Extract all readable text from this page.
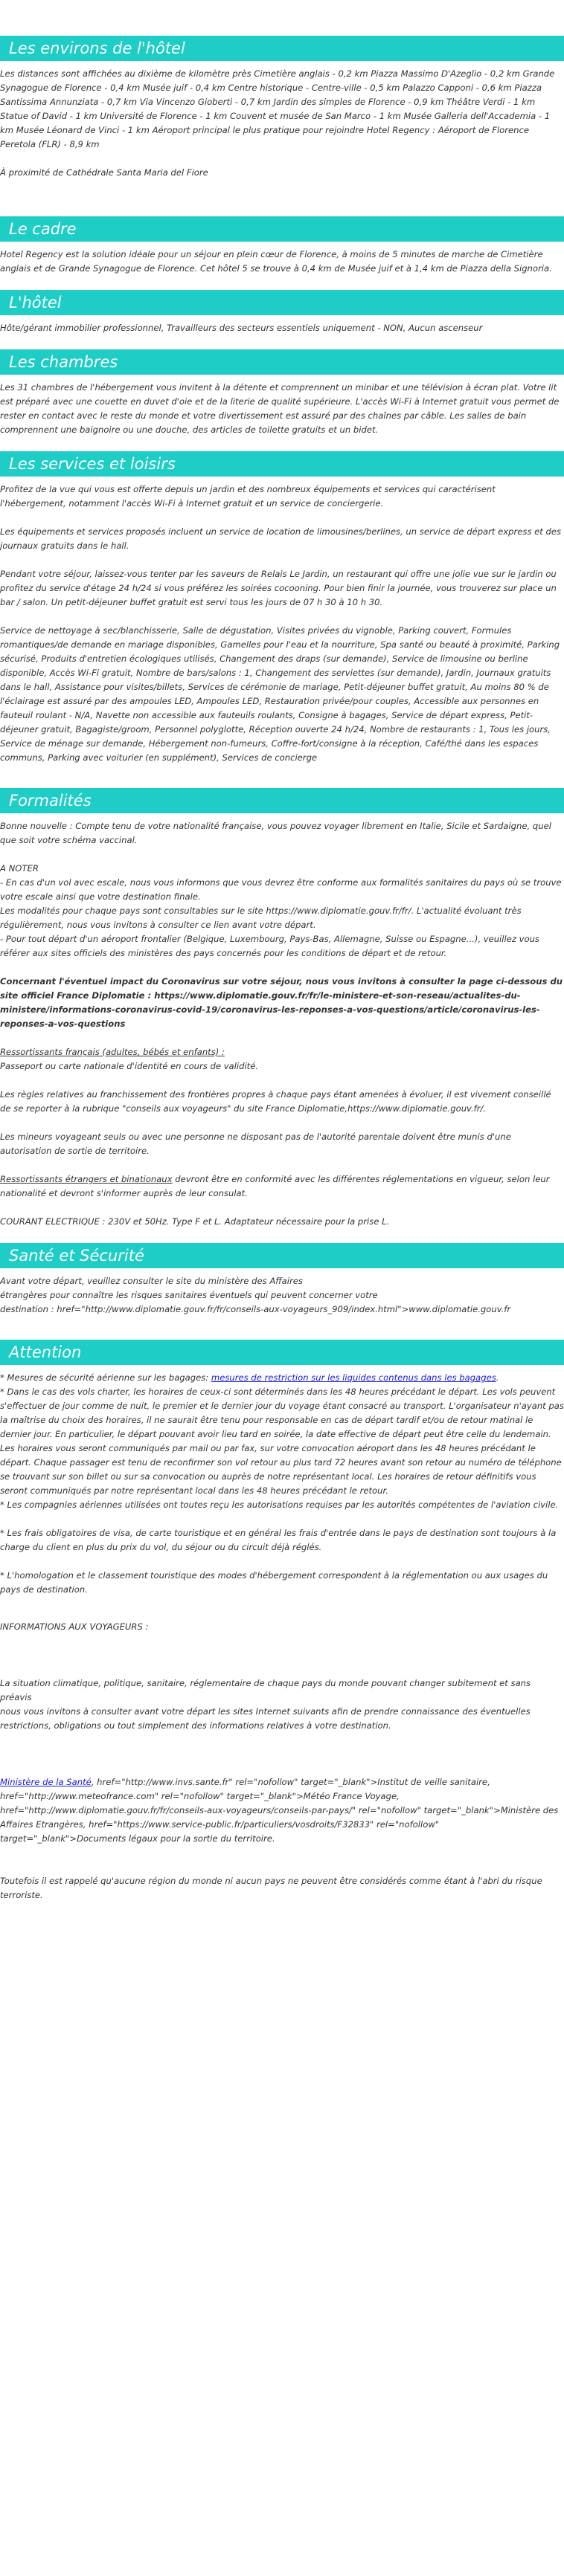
Les environs de l'hôtel

Les distances sont affichées au dixième de kilomètre près Cimetière anglais - 0,2 km Piazza Massimo D'Azeglio - 0,2 km Grande Synagogue de Florence - 0,4 km Musée juif - 0,4 km Centre historique - Centre-ville - 0,5 km Palazzo Capponi - 0,6 km Piazza Santissima Annunziata - 0,7 km Via Vincenzo Gioberti - 0,7 km Jardin des simples de Florence - 0,9 km Théâtre Verdi - 1 km Statue of David - 1 km Université de Florence - 1 km Couvent et musée de San Marco - 1 km Musée Galleria dell'Accademia - 1 km Musée Léonard de Vinci - 1 km Aéroport principal le plus pratique pour rejoindre Hotel Regency : Aéroport de Florence Peretola (FLR) - 8,9 km

À proximité de Cathédrale Santa Maria del Fiore

Le cadre

Hotel Regency est la solution idéale pour un séjour en plein cœur de Florence, à moins de 5 minutes de marche de Cimetière anglais et de Grande Synagogue de Florence. Cet hôtel 5 se trouve à 0,4 km de Musée juif et à 1,4 km de Piazza della Signoria.

L'hôtel

Hôte/gérant immobilier professionnel, Travailleurs des secteurs essentiels uniquement - NON, Aucun ascenseur

Les chambres

Les 31 chambres de l'hébergement vous invitent à la détente et comprennent un minibar et une télévision à écran plat. Votre lit est préparé avec une couette en duvet d'oie et de la literie de qualité supérieure. L'accès Wi-Fi à Internet gratuit vous permet de rester en contact avec le reste du monde et votre divertissement est assuré par des chaînes par câble. Les salles de bain comprennent une baignoire ou une douche, des articles de toilette gratuits et un bidet.

Les services et loisirs

Profitez de la vue qui vous est offerte depuis un jardin et des nombreux équipements et services qui caractérisent l'hébergement, notamment l'accès Wi-Fi à Internet gratuit et un service de conciergerie.

Les équipements et services proposés incluent un service de location de limousines/berlines, un service de départ express et des journaux gratuits dans le hall.

Pendant votre séjour, laissez-vous tenter par les saveurs de Relais Le Jardin, un restaurant qui offre une jolie vue sur le jardin ou profitez du service d'étage 24 h/24 si vous préférez les soirées cocooning. Pour bien finir la journée, vous trouverez sur place un bar / salon. Un petit-déjeuner buffet gratuit est servi tous les jours de 07 h 30 à 10 h 30.

Service de nettoyage à sec/blanchisserie, Salle de dégustation, Visites privées du vignoble, Parking couvert, Formules romantiques/de demande en mariage disponibles, Gamelles pour l'eau et la nourriture, Spa santé ou beauté à proximité, Parking sécurisé, Produits d'entretien écologiques utilisés, Changement des draps (sur demande), Service de limousine ou berline disponible, Accès Wi-Fi gratuit, Nombre de bars/salons : 1, Changement des serviettes (sur demande), Jardin, Journaux gratuits dans le hall, Assistance pour visites/billets, Services de cérémonie de mariage, Petit-déjeuner buffet gratuit, Au moins 80 % de l'éclairage est assuré par des ampoules LED, Ampoules LED, Restauration privée/pour couples, Accessible aux personnes en fauteuil roulant - N/A, Navette non accessible aux fauteuils roulants, Consigne à bagages, Service de départ express, Petit-déjeuner gratuit, Bagagiste/groom, Personnel polyglotte, Réception ouverte 24 h/24, Nombre de restaurants : 1, Tous les jours, Service de ménage sur demande, Hébergement non-fumeurs, Coffre-fort/consigne à la réception, Café/thé dans les espaces communs, Parking avec voiturier (en supplément), Services de concierge

Formalités

Bonne nouvelle : Compte tenu de votre nationalité française, vous pouvez voyager librement en Italie, Sicile et Sardaigne, quel que soit votre schéma vaccinal.

A NOTER

- En cas d'un vol avec escale, nous vous informons que vous devrez être conforme aux formalités sanitaires du pays où se trouve votre escale ainsi que votre destination finale.

Les modalités pour chaque pays sont consultables sur le site https://www.diplomatie.gouv.fr/fr/. L'actualité évoluant très régulièrement, nous vous invitons à consulter ce lien avant votre départ.

- Pour tout départ d'un aéroport frontalier (Belgique, Luxembourg, Pays-Bas, Allemagne, Suisse ou Espagne...), veuillez vous référer aux sites officiels des ministères des pays concernés pour les conditions de départ et de retour.

Concernant l'éventuel impact du Coronavirus sur votre séjour, nous vous invitons à consulter la page ci-dessous du site officiel France Diplomatie : https://www.diplomatie.gouv.fr/fr/le-ministere-et-son-reseau/actualites-du-ministere/informations-coronavirus-covid-19/coronavirus-les-reponses-a-vos-questions/article/coronavirus-les-reponses-a-vos-questions

Ressortissants français (adultes, bébés et enfants) :

Passeport ou carte nationale d'identité en cours de validité.

Les règles relatives au franchissement des frontières propres à chaque pays étant amenées à évoluer, il est vivement conseillé de se reporter à la rubrique "conseils aux voyageurs" du site France Diplomatie,https://www.diplomatie.gouv.fr/.

Les mineurs voyageant seuls ou avec une personne ne disposant pas de l'autorité parentale doivent être munis d'une autorisation de sortie de territoire.

Ressortissants étrangers et binationaux devront être en conformité avec les différentes réglementations en vigueur, selon leur nationalité et devront s'informer auprès de leur consulat.

COURANT ELECTRIQUE : 230V et 50Hz. Type F et L. Adaptateur nécessaire pour la prise L.

Santé et Sécurité

Avant votre départ, veuillez consulter le site du ministère des Affaires

étrangères pour connaître les risques sanitaires éventuels qui peuvent concerner votre

destination : href="http://www.diplomatie.gouv.fr/fr/conseils-aux-voyageurs_909/index.html">www.diplomatie.gouv.fr

Attention

* Mesures de sécurité aérienne sur les bagages: mesures de restriction sur les liquides contenus dans les bagages.

* Dans le cas des vols charter, les horaires de ceux-ci sont déterminés dans les 48 heures précédant le départ. Les vols peuvent s'effectuer de jour comme de nuit, le premier et le dernier jour du voyage étant consacré au transport. L'organisateur n'ayant pas la maîtrise du choix des horaires, il ne saurait être tenu pour responsable en cas de départ tardif et/ou de retour matinal le dernier jour. En particulier, le départ pouvant avoir lieu tard en soirée, la date effective de départ peut être celle du lendemain. Les horaires vous seront communiqués par mail ou par fax, sur votre convocation aéroport dans les 48 heures précédant le départ. Chaque passager est tenu de reconfirmer son vol retour au plus tard 72 heures avant son retour au numéro de téléphone se trouvant sur son billet ou sur sa convocation ou auprès de notre représentant local. Les horaires de retour définitifs vous seront communiqués par notre représentant local dans les 48 heures précédant le retour.

* Les compagnies aériennes utilisées ont toutes reçu les autorisations requises par les autorités compétentes de l'aviation civile.

* Les frais obligatoires de visa, de carte touristique et en général les frais d'entrée dans le pays de destination sont toujours à la charge du client en plus du prix du vol, du séjour ou du circuit déjà réglés.

* L'homologation et le classement touristique des modes d'hébergement correspondent à la réglementation ou aux usages du pays de destination.

INFORMATIONS AUX VOYAGEURS :

La situation climatique, politique, sanitaire, réglementaire de chaque pays du monde pouvant changer subitement et sans préavis

nous vous invitons à consulter avant votre départ les sites Internet suivants afin de prendre connaissance des éventuelles restrictions, obligations ou tout simplement des informations relatives à votre destination.

Ministère de la Santé, href="http://www.invs.sante.fr" rel="nofollow" target="_blank">Institut de veille sanitaire, href="http://www.meteofrance.com" rel="nofollow" target="_blank">Météo France Voyage, href="http://www.diplomatie.gouv.fr/fr/conseils-aux-voyageurs/conseils-par-pays/" rel="nofollow" target="_blank">Ministère des Affaires Etrangères, href="https://www.service-public.fr/particuliers/vosdroits/F32833" rel="nofollow" target="_blank">Documents légaux pour la sortie du territoire.

Toutefois il est rappelé qu'aucune région du monde ni aucun pays ne peuvent être considérés comme étant à l'abri du risque terroriste.
